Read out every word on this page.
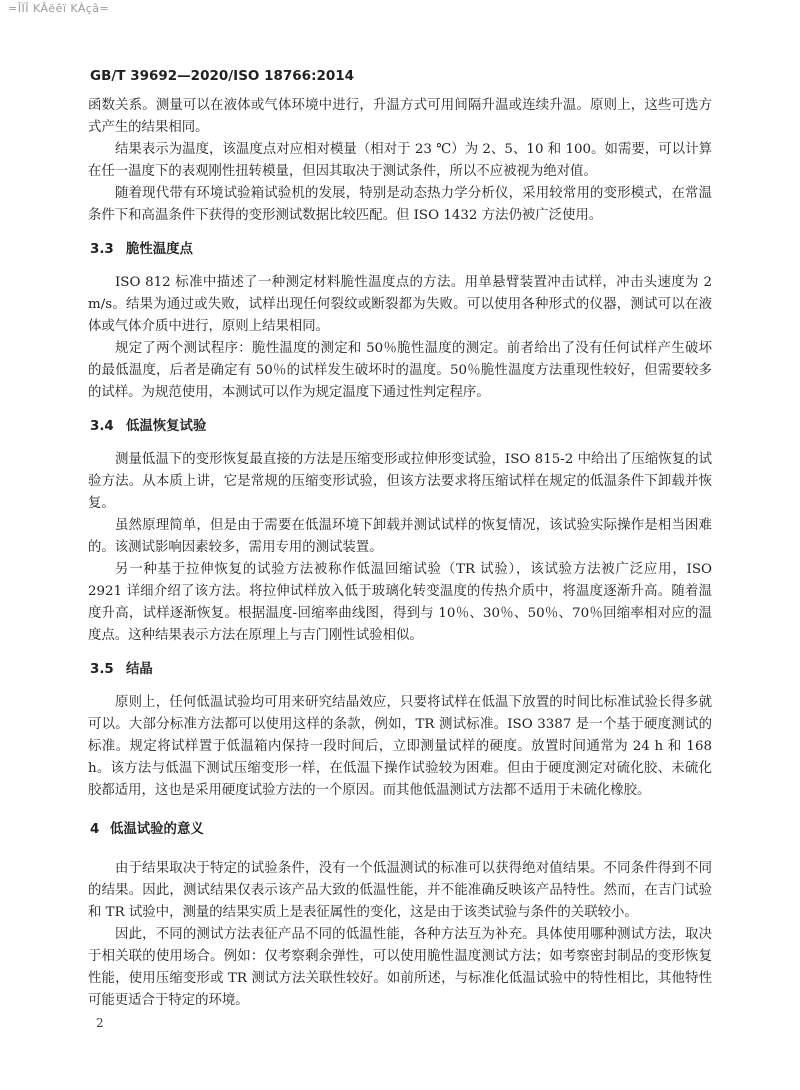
=ÎÏÎ KÂëêï KÀçâ=
GB/T 39692—2020/ISO 18766:2014

函数关系。测量可以在液体或气体环境中进行，升温方式可用间隔升温或连续升温。原则上，这些可选方式产生的结果相同。

结果表示为温度，该温度点对应相对模量（相对于 23 ℃）为 2、5、10 和 100。如需要，可以计算在任一温度下的表观刚性扭转模量，但因其取决于测试条件，所以不应被视为绝对值。

随着现代带有环境试验箱试验机的发展，特别是动态热力学分析仪，采用较常用的变形模式，在常温条件下和高温条件下获得的变形测试数据比较匹配。但 ISO 1432 方法仍被广泛使用。

3.3 脆性温度点

ISO 812 标准中描述了一种测定材料脆性温度点的方法。用单悬臂装置冲击试样，冲击头速度为 2 m/s。结果为通过或失败，试样出现任何裂纹或断裂都为失败。可以使用各种形式的仪器，测试可以在液体或气体介质中进行，原则上结果相同。

规定了两个测试程序：脆性温度的测定和 50％脆性温度的测定。前者给出了没有任何试样产生破坏的最低温度，后者是确定有 50％的试样发生破坏时的温度。50％脆性温度方法重现性较好，但需要较多的试样。为规范使用，本测试可以作为规定温度下通过性判定程序。

3.4 低温恢复试验

测量低温下的变形恢复最直接的方法是压缩变形或拉伸形变试验，ISO 815-2 中给出了压缩恢复的试验方法。从本质上讲，它是常规的压缩变形试验，但该方法要求将压缩试样在规定的低温条件下卸载并恢复。

虽然原理简单，但是由于需要在低温环境下卸载并测试试样的恢复情况，该试验实际操作是相当困难的。该测试影响因素较多，需用专用的测试装置。

另一种基于拉伸恢复的试验方法被称作低温回缩试验（TR 试验），该试验方法被广泛应用，ISO 2921 详细介绍了该方法。将拉伸试样放入低于玻璃化转变温度的传热介质中，将温度逐渐升高。随着温度升高，试样逐渐恢复。根据温度-回缩率曲线图，得到与 10％、30％、50％、70％回缩率相对应的温度点。这种结果表示方法在原理上与吉门刚性试验相似。

3.5 结晶

原则上，任何低温试验均可用来研究结晶效应，只要将试样在低温下放置的时间比标准试验长得多就可以。大部分标准方法都可以使用这样的条款，例如，TR 测试标准。ISO 3387 是一个基于硬度测试的标准。规定将试样置于低温箱内保持一段时间后，立即测量试样的硬度。放置时间通常为 24 h 和 168 h。该方法与低温下测试压缩变形一样，在低温下操作试验较为困难。但由于硬度测定对硫化胶、未硫化胶都适用，这也是采用硬度试验方法的一个原因。而其他低温测试方法都不适用于未硫化橡胶。

4 低温试验的意义

由于结果取决于特定的试验条件，没有一个低温测试的标准可以获得绝对值结果。不同条件得到不同的结果。因此，测试结果仅表示该产品大致的低温性能，并不能准确反映该产品特性。然而，在吉门试验和 TR 试验中，测量的结果实质上是表征属性的变化，这是由于该类试验与条件的关联较小。

因此，不同的测试方法表征产品不同的低温性能，各种方法互为补充。具体使用哪种测试方法，取决于相关联的使用场合。例如：仅考察剩余弹性，可以使用脆性温度测试方法；如考察密封制品的变形恢复性能，使用压缩变形或 TR 测试方法关联性较好。如前所述，与标准化低温试验中的特性相比，其他特性可能更适合于特定的环境。

2
